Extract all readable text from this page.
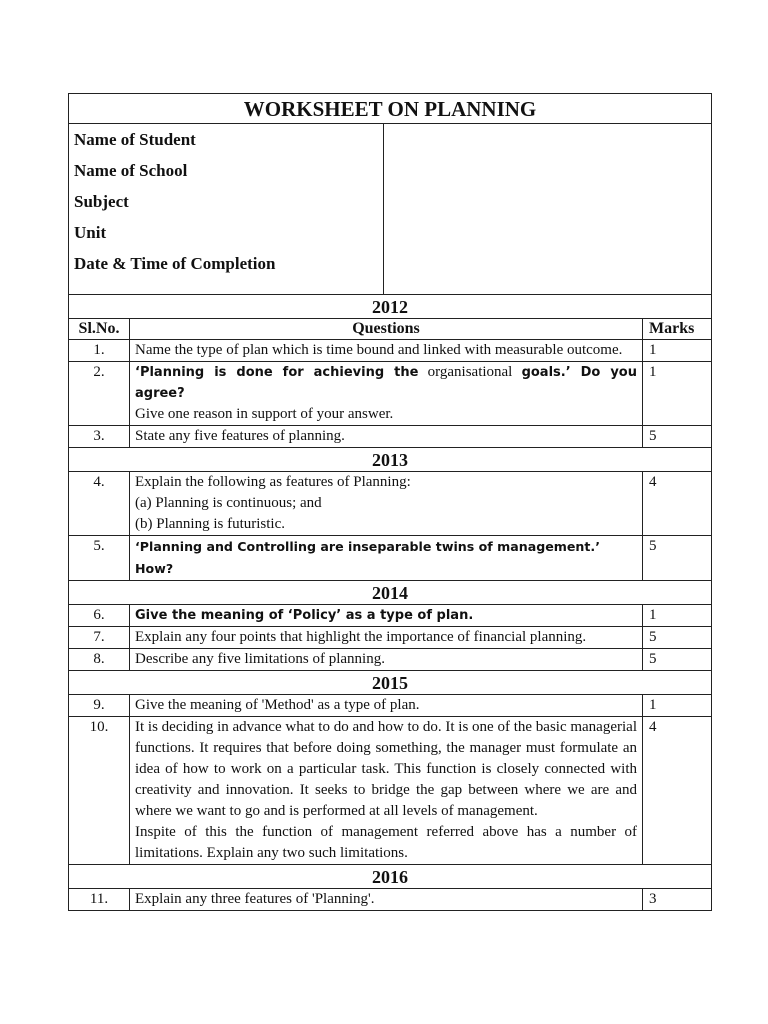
WORKSHEET ON PLANNING			

Name of Student
Name of School
Subject
Unit
Date & Time of Completion			

2012			
Sl.No.	Questions		Marks
1.	Name the type of plan which is time bound and linked with measurable outcome.		1
2.	‘Planning is done for achieving the organisational goals.’ Do you agree?
Give one reason in support of your answer.		1
3.	State any five features of planning.		5
2013			
4.	Explain the following as features of Planning:
(a) Planning is continuous; and
(b) Planning is futuristic.		4
5.	‘Planning and Controlling are inseparable twins of management.’ How?		5
2014			
6.	Give the meaning of ‘Policy’ as a type of plan.		1
7.	Explain any four points that highlight the importance of financial planning.		5
8.	Describe any five limitations of planning.		5
2015			
9.	Give the meaning of 'Method' as a type of plan.		1
10.	It is deciding in advance what to do and how to do. It is one of the basic managerial functions. It requires that before doing something, the manager must formulate an idea of how to work on a particular task. This function is closely connected with creativity and innovation. It seeks to bridge the gap between where we are and where we want to go and is performed at all levels of management.
Inspite of this the function of management referred above has a number of limitations. Explain any two such limitations.		4
2016			
11.	Explain any three features of 'Planning'.		3
